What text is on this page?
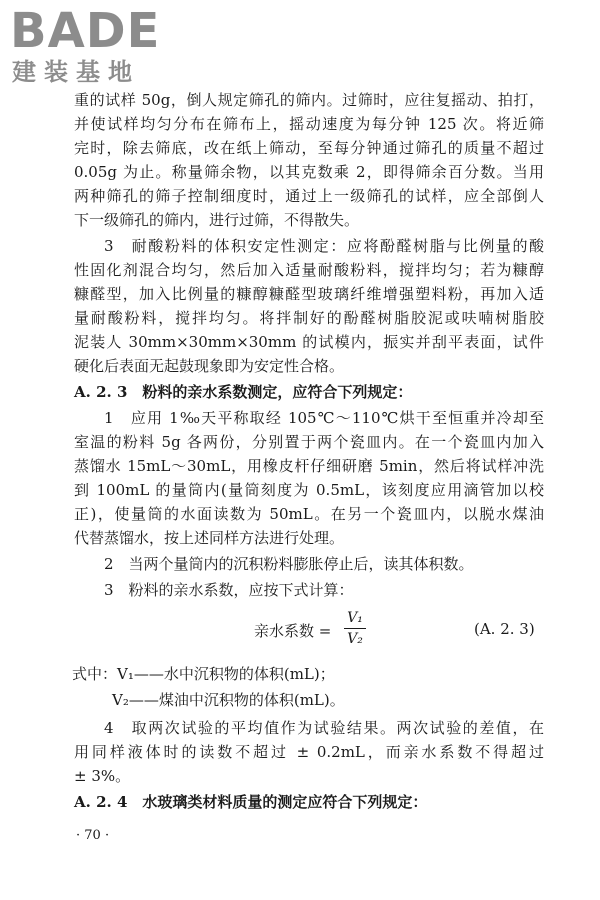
BADE
建装基地
重的试样 50g，倒人规定筛孔的筛内。过筛时，应往复摇动、拍打，
并使试样均匀分布在筛布上，摇动速度为每分钟 125 次。将近筛
完时，除去筛底，改在纸上筛动，至每分钟通过筛孔的质量不超过
0.05g 为止。称量筛余物，以其克数乘 2，即得筛余百分数。当用
两种筛孔的筛子控制细度时，通过上一级筛孔的试样，应全部倒人
下一级筛孔的筛内，进行过筛，不得散失。
3　耐酸粉料的体积安定性测定：应将酚醛树脂与比例量的酸
性固化剂混合均匀，然后加入适量耐酸粉料，搅拌均匀；若为糠醇
糠醛型，加入比例量的糠醇糠醛型玻璃纤维增强塑料粉，再加入适
量耐酸粉料，搅拌均匀。将拌制好的酚醛树脂胶泥或呋喃树脂胶
泥装人 30mm×30mm×30mm 的试模内，振实并刮平表面，试件
硬化后表面无起鼓现象即为安定性合格。
A. 2. 3　粉料的亲水系数测定，应符合下列规定：
1　应用 1‰天平称取经 105℃～110℃烘干至恒重并冷却至
室温的粉料 5g 各两份，分别置于两个瓷皿内。在一个瓷皿内加入
蒸馏水 15mL～30mL，用橡皮杆仔细研磨 5min，然后将试样冲洗
到 100mL 的量筒内(量筒刻度为 0.5mL，该刻度应用滴管加以校
正)，使量筒的水面读数为 50mL。在另一个瓷皿内，以脱水煤油
代替蒸馏水，按上述同样方法进行处理。
2　当两个量筒内的沉积粉料膨胀停止后，读其体积数。
3　粉料的亲水系数，应按下式计算：
亲水系数 = $\frac{\text{V₁}}{\text{V₂}}$	(A. 2. 3)
式中：V₁——水中沉积物的体积(mL)；
V₂——煤油中沉积物的体积(mL)。
4　取两次试验的平均值作为试验结果。两次试验的差值，在
用同样液体时的读数不超过 ± 0.2mL，而亲水系数不得超过
± 3%。
A. 2. 4　水玻璃类材料质量的测定应符合下列规定：
· 70 ·
